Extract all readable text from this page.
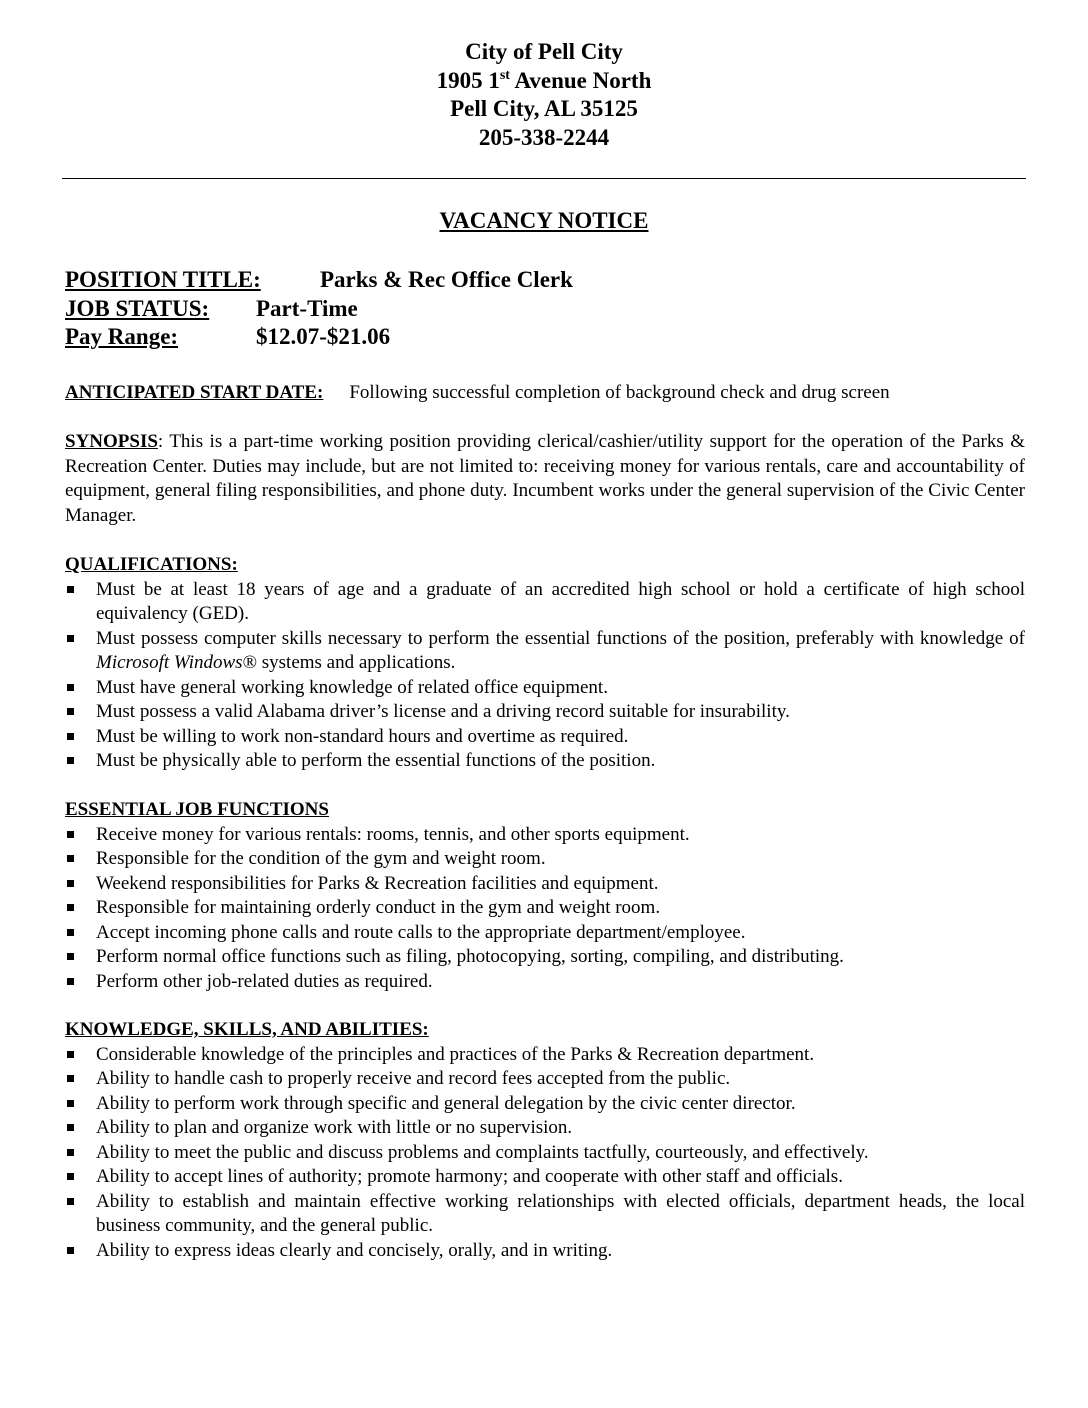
City of Pell City
1905 1st Avenue North
Pell City, AL 35125
205-338-2244
VACANCY NOTICE
POSITION TITLE:	Parks & Rec Office Clerk
JOB STATUS: Part-Time
Pay Range:	$12.07-$21.06
ANTICIPATED START DATE: Following successful completion of background check and drug screen
SYNOPSIS: This is a part-time working position providing clerical/cashier/utility support for the operation of the Parks & Recreation Center. Duties may include, but are not limited to: receiving money for various rentals, care and accountability of equipment, general filing responsibilities, and phone duty. Incumbent works under the general supervision of the Civic Center Manager.
QUALIFICATIONS:
Must be at least 18 years of age and a graduate of an accredited high school or hold a certificate of high school equivalency (GED).
Must possess computer skills necessary to perform the essential functions of the position, preferably with knowledge of Microsoft Windows® systems and applications.
Must have general working knowledge of related office equipment.
Must possess a valid Alabama driver’s license and a driving record suitable for insurability.
Must be willing to work non-standard hours and overtime as required.
Must be physically able to perform the essential functions of the position.
ESSENTIAL JOB FUNCTIONS
Receive money for various rentals: rooms, tennis, and other sports equipment.
Responsible for the condition of the gym and weight room.
Weekend responsibilities for Parks & Recreation facilities and equipment.
Responsible for maintaining orderly conduct in the gym and weight room.
Accept incoming phone calls and route calls to the appropriate department/employee.
Perform normal office functions such as filing, photocopying, sorting, compiling, and distributing.
Perform other job-related duties as required.
KNOWLEDGE, SKILLS, AND ABILITIES:
Considerable knowledge of the principles and practices of the Parks & Recreation department.
Ability to handle cash to properly receive and record fees accepted from the public.
Ability to perform work through specific and general delegation by the civic center director.
Ability to plan and organize work with little or no supervision.
Ability to meet the public and discuss problems and complaints tactfully, courteously, and effectively.
Ability to accept lines of authority; promote harmony; and cooperate with other staff and officials.
Ability to establish and maintain effective working relationships with elected officials, department heads, the local business community, and the general public.
Ability to express ideas clearly and concisely, orally, and in writing.
